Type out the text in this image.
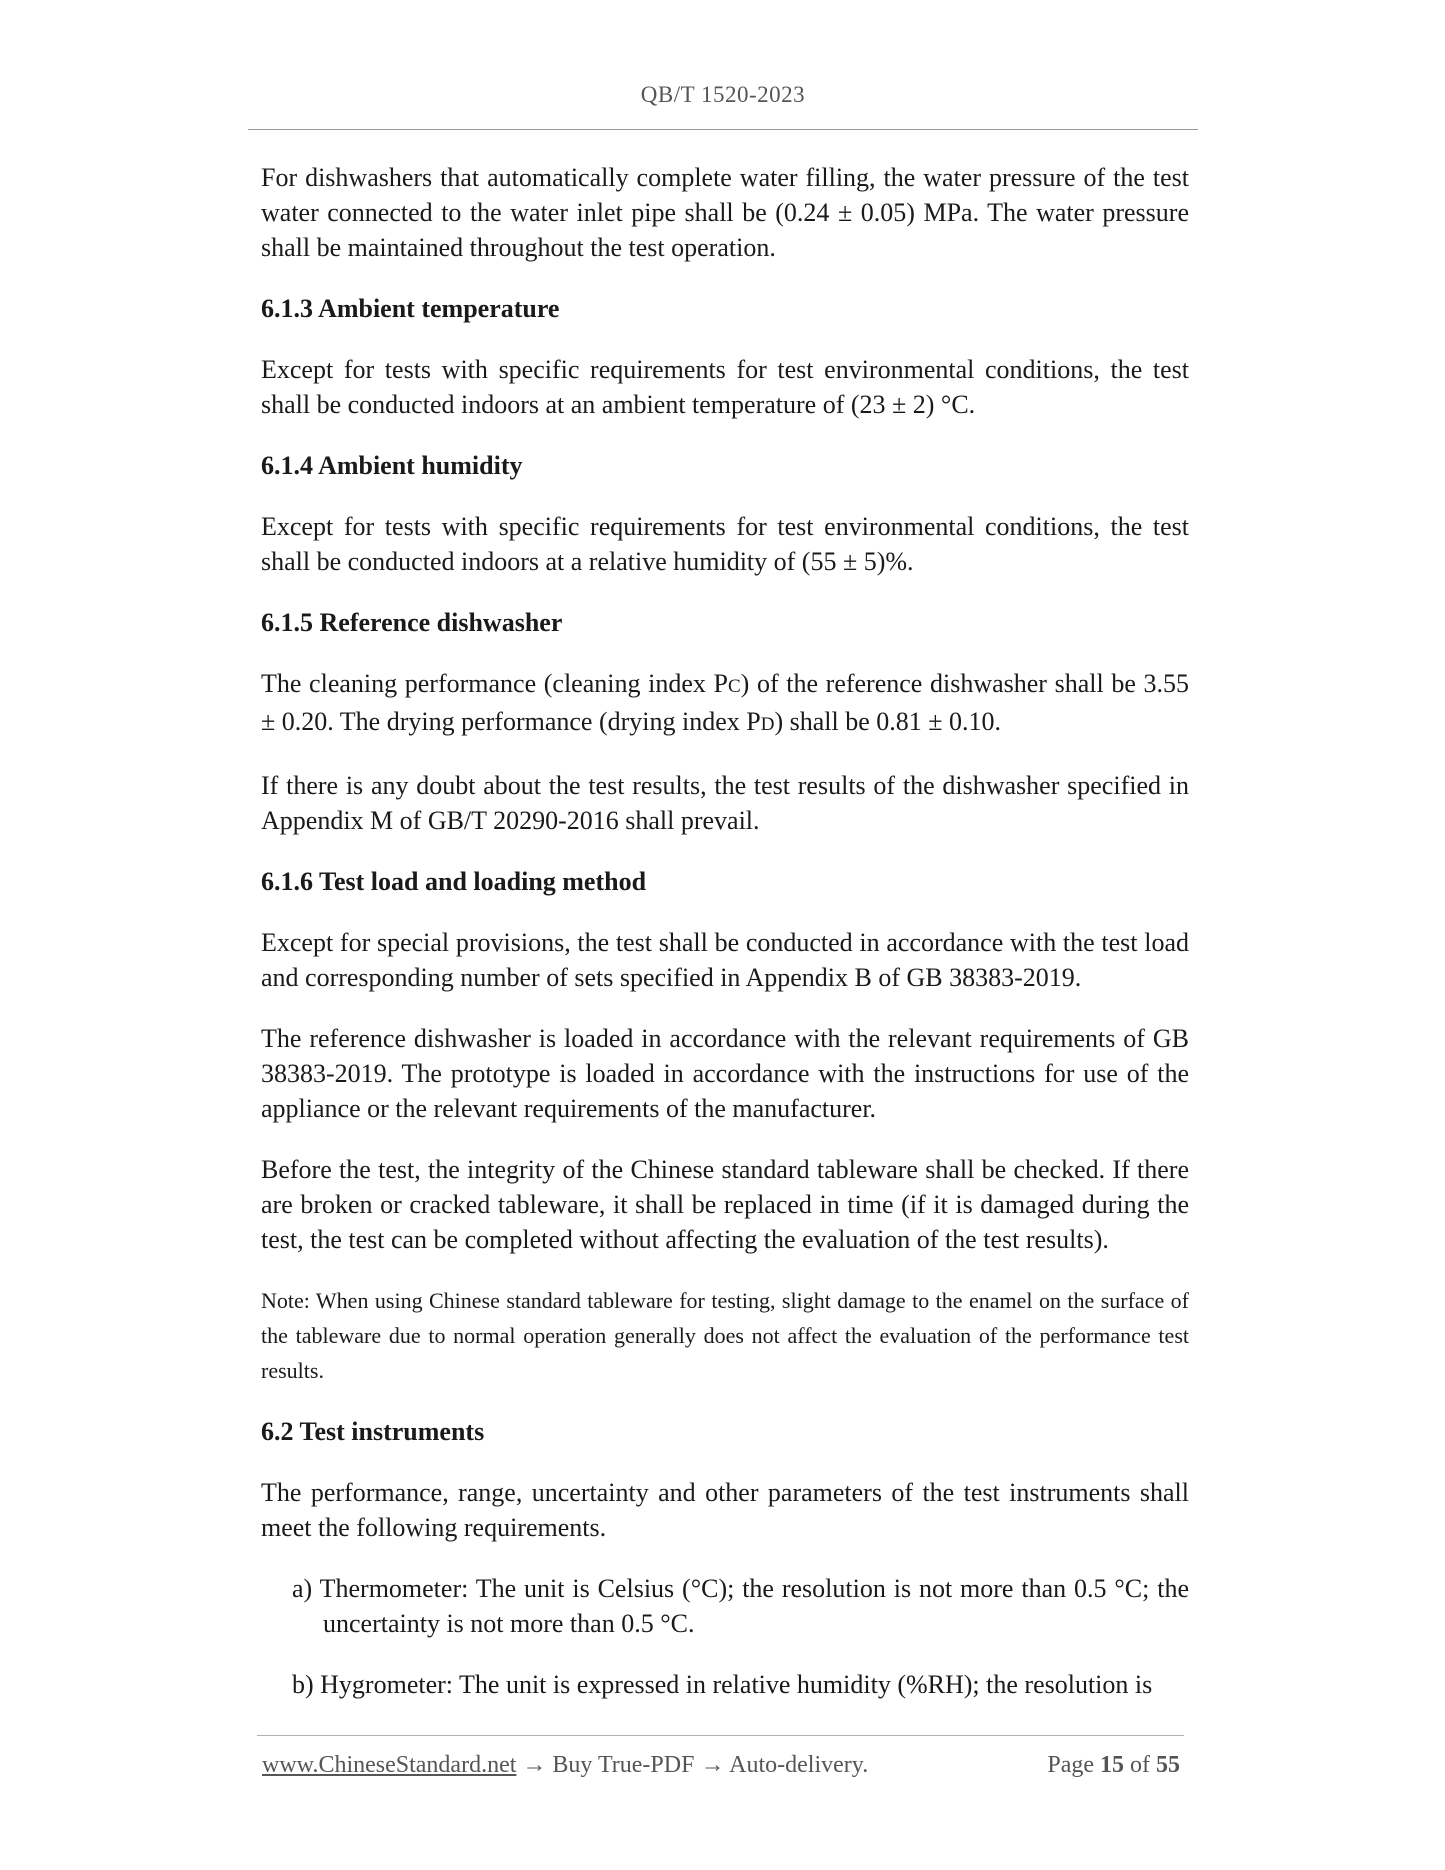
QB/T 1520-2023

For dishwashers that automatically complete water filling, the water pressure of the test water connected to the water inlet pipe shall be (0.24 ± 0.05) MPa. The water pressure shall be maintained throughout the test operation.

6.1.3 Ambient temperature

Except for tests with specific requirements for test environmental conditions, the test shall be conducted indoors at an ambient temperature of (23 ± 2) °C.

6.1.4 Ambient humidity

Except for tests with specific requirements for test environmental conditions, the test shall be conducted indoors at a relative humidity of (55 ± 5)%.

6.1.5 Reference dishwasher

The cleaning performance (cleaning index PC) of the reference dishwasher shall be 3.55 ± 0.20. The drying performance (drying index PD) shall be 0.81 ± 0.10.

If there is any doubt about the test results, the test results of the dishwasher specified in Appendix M of GB/T 20290-2016 shall prevail.

6.1.6 Test load and loading method

Except for special provisions, the test shall be conducted in accordance with the test load and corresponding number of sets specified in Appendix B of GB 38383-2019.

The reference dishwasher is loaded in accordance with the relevant requirements of GB 38383-2019. The prototype is loaded in accordance with the instructions for use of the appliance or the relevant requirements of the manufacturer.

Before the test, the integrity of the Chinese standard tableware shall be checked. If there are broken or cracked tableware, it shall be replaced in time (if it is damaged during the test, the test can be completed without affecting the evaluation of the test results).

Note: When using Chinese standard tableware for testing, slight damage to the enamel on the surface of the tableware due to normal operation generally does not affect the evaluation of the performance test results.

6.2 Test instruments

The performance, range, uncertainty and other parameters of the test instruments shall meet the following requirements.

a) Thermometer: The unit is Celsius (°C); the resolution is not more than 0.5 °C; the uncertainty is not more than 0.5 °C.

b) Hygrometer: The unit is expressed in relative humidity (%RH); the resolution is

www.ChineseStandard.net → Buy True-PDF → Auto-delivery.	Page 15 of 55
